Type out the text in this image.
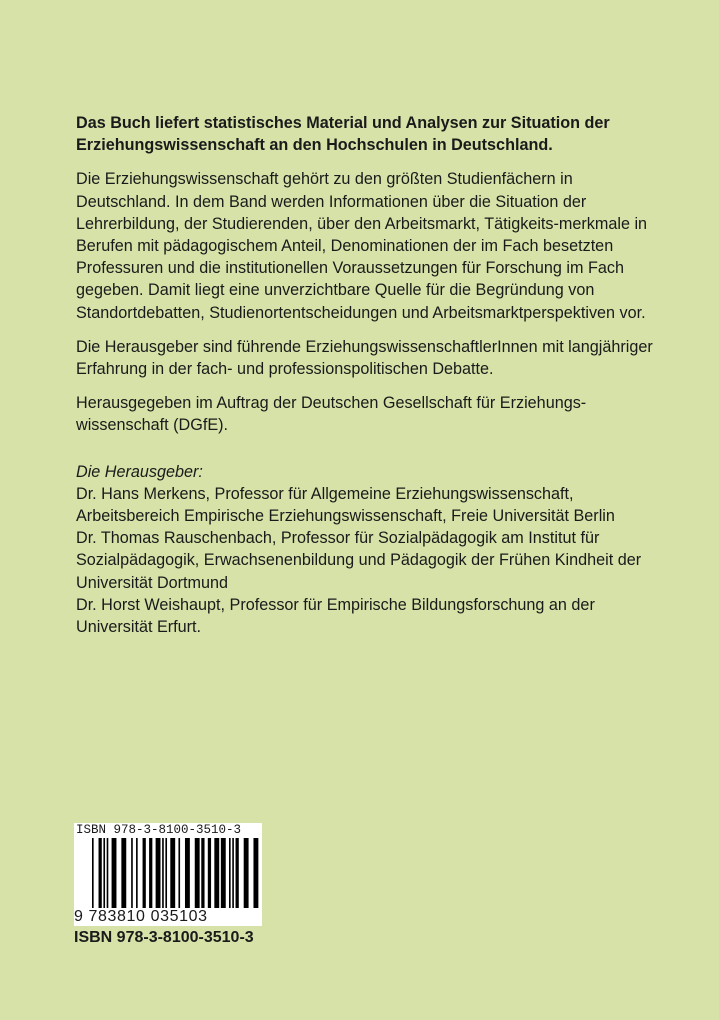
Das Buch liefert statistisches Material und Analysen zur Situation der Erziehungswissenschaft an den Hochschulen in Deutschland.

Die Erziehungswissenschaft gehört zu den größten Studienfächern in Deutschland. In dem Band werden Informationen über die Situation der Lehrerbildung, der Studierenden, über den Arbeitsmarkt, Tätigkeits-merkmale in Berufen mit pädagogischem Anteil, Denominationen der im Fach besetzten Professuren und die institutionellen Voraussetzungen für Forschung im Fach gegeben. Damit liegt eine unverzichtbare Quelle für die Begründung von Standortdebatten, Studienortentscheidungen und Arbeitsmarktperspektiven vor.

Die Herausgeber sind führende ErziehungswissenschaftlerInnen mit langjähriger Erfahrung in der fach- und professionspolitischen Debatte.

Herausgegeben im Auftrag der Deutschen Gesellschaft für Erziehungs-wissenschaft (DGfE).

Die Herausgeber:

Dr. Hans Merkens, Professor für Allgemeine Erziehungswissenschaft, Arbeitsbereich Empirische Erziehungswissenschaft, Freie Universität Berlin

Dr. Thomas Rauschenbach, Professor für Sozialpädagogik am Institut für Sozialpädagogik, Erwachsenenbildung und Pädagogik der Frühen Kindheit der Universität Dortmund

Dr. Horst Weishaupt, Professor für Empirische Bildungsforschung an der Universität Erfurt.

ISBN 978-3-8100-3510-3
9 783810 035103
ISBN 978-3-8100-3510-3
